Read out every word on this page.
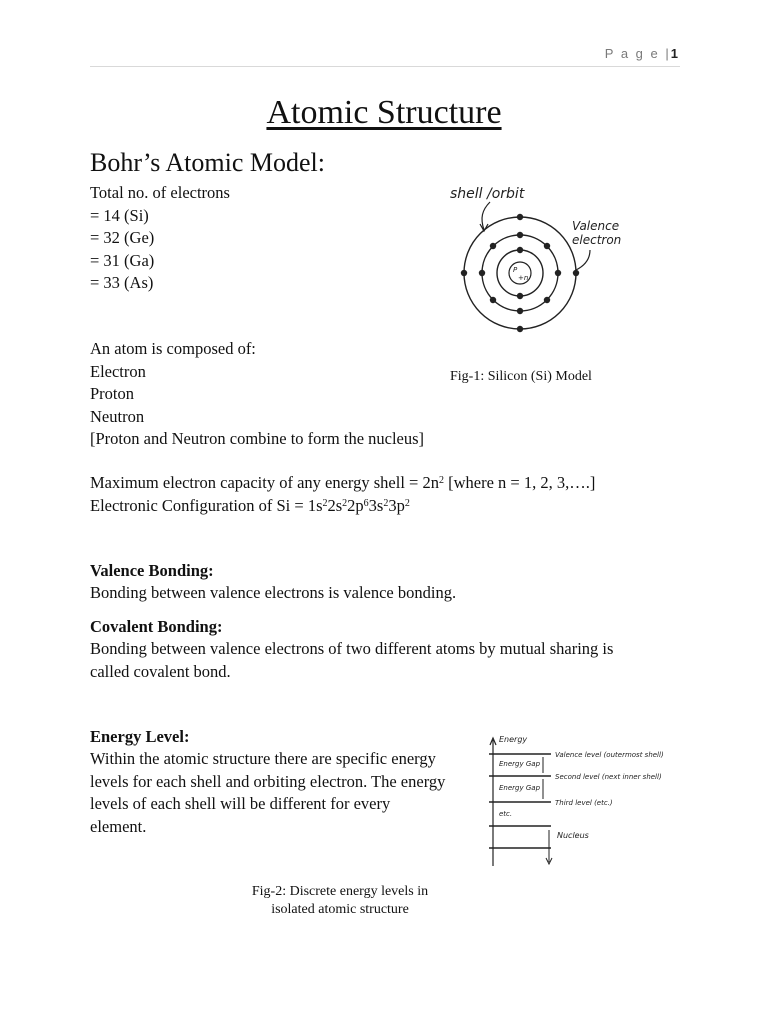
P a g e |1
Atomic Structure
Bohr’s Atomic Model:
Total no. of electrons
= 14 (Si)
= 32 (Ge)
= 31 (Ga)
= 33 (As)
shell /orbit
Valence
electron
P
+n
Fig-1: Silicon (Si) Model
An atom is composed of:
Electron
Proton
Neutron
[Proton and Neutron combine to form the nucleus]
Maximum electron capacity of any energy shell = $2n^2$ [where n = 1, 2, 3,….]
Electronic Configuration of $Si = 1s^22s^22p^63s^23p^2$
Valence Bonding:
Bonding between valence electrons is valence bonding.
Covalent Bonding:
Bonding between valence electrons of two different atoms by mutual sharing is
called covalent bond.
Energy Level:
Within the atomic structure there are specific energy
levels for each shell and orbiting electron. The energy
levels of each shell will be different for every
element.
Energy
Energy Gap
Energy Gap
etc.
Valence level (outermost shell)
Second level (next inner shell)
Third level (etc.)
Nucleus
Fig-2: Discrete energy levels in
isolated atomic structure
